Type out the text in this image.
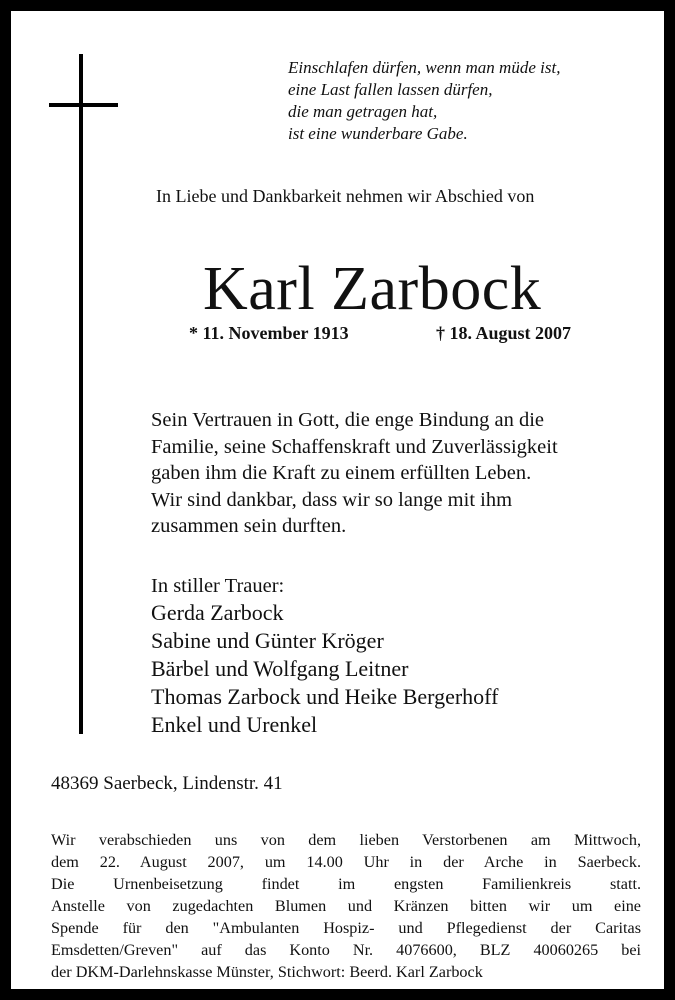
Einschlafen dürfen, wenn man müde ist,
eine Last fallen lassen dürfen,
die man getragen hat,
ist eine wunderbare Gabe.
In Liebe und Dankbarkeit nehmen wir Abschied von
Karl Zarbock
* 11. November 1913	† 18. August 2007
Sein Vertrauen in Gott, die enge Bindung an die
Familie, seine Schaffenskraft und Zuverlässigkeit
gaben ihm die Kraft zu einem erfüllten Leben.
Wir sind dankbar, dass wir so lange mit ihm
zusammen sein durften.
In stiller Trauer:
Gerda Zarbock
Sabine und Günter Kröger
Bärbel und Wolfgang Leitner
Thomas Zarbock und Heike Bergerhoff
Enkel und Urenkel
48369 Saerbeck, Lindenstr. 41
Wir verabschieden uns von dem lieben Verstorbenen am Mittwoch,
dem 22. August 2007, um 14.00 Uhr in der Arche in Saerbeck.
Die Urnenbeisetzung findet im engsten Familienkreis statt.
Anstelle von zugedachten Blumen und Kränzen bitten wir um eine
Spende für den "Ambulanten Hospiz- und Pflegedienst der Caritas
Emsdetten/Greven" auf das Konto Nr. 4076600, BLZ 40060265 bei
der DKM-Darlehnskasse Münster, Stichwort: Beerd. Karl Zarbock
